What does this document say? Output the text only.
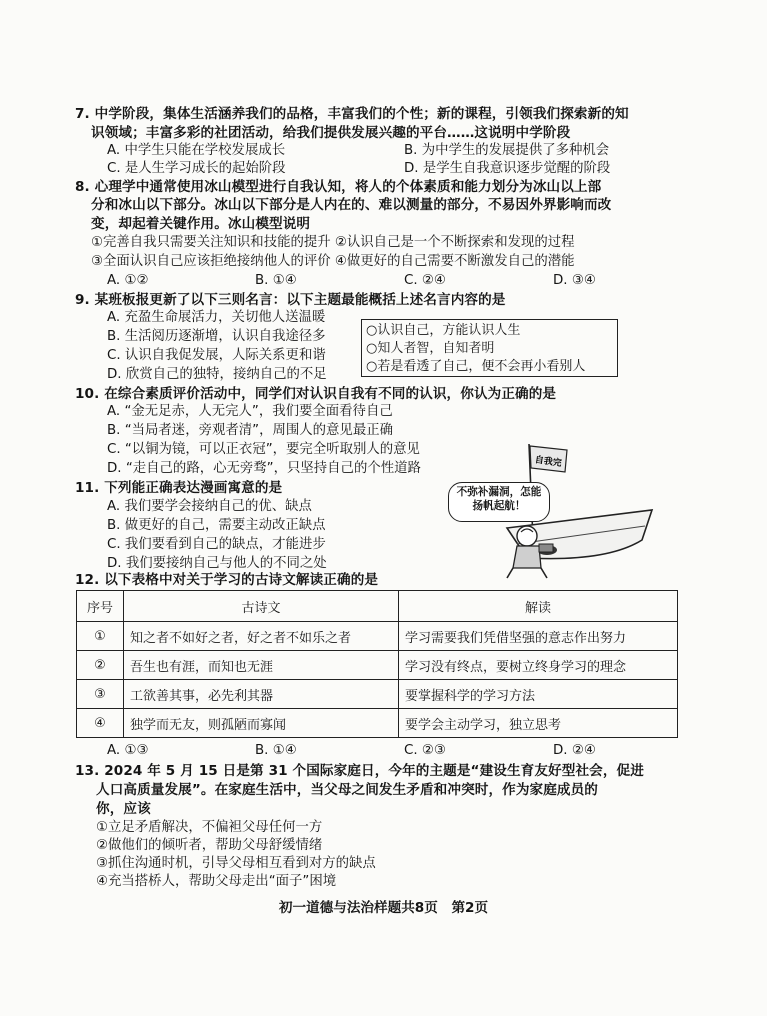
7. 中学阶段，集体生活涵养我们的品格，丰富我们的个性；新的课程，引领我们探索新的知
识领域；丰富多彩的社团活动，给我们提供发展兴趣的平台……这说明中学阶段
A. 中学生只能在学校发展成长	B. 为中学生的发展提供了多种机会
C. 是人生学习成长的起始阶段	D. 是学生自我意识逐步觉醒的阶段
8. 心理学中通常使用冰山模型进行自我认知，将人的个体素质和能力划分为冰山以上部
分和冰山以下部分。冰山以下部分是人内在的、难以测量的部分，不易因外界影响而改
变，却起着关键作用。冰山模型说明
①完善自我只需要关注知识和技能的提升 ②认识自己是一个不断探索和发现的过程
③全面认识自己应该拒绝接纳他人的评价 ④做更好的自己需要不断激发自己的潜能
A. ①②	B. ①④	C. ②④	D. ③④
9. 某班板报更新了以下三则名言：以下主题最能概括上述名言内容的是
A. 充盈生命展活力，关切他人送温暖
B. 生活阅历逐渐增，认识自我途径多
C. 认识自我促发展，人际关系更和谐
D. 欣赏自己的独特，接纳自己的不足
○认识自己，方能认识人生
○知人者智，自知者明
○若是看透了自己，便不会再小看别人
10. 在综合素质评价活动中，同学们对认识自我有不同的认识，你认为正确的是
A. “金无足赤，人无完人”，我们要全面看待自己
B. “当局者迷，旁观者清”，周围人的意见最正确
C. “以铜为镜，可以正衣冠”，要完全听取别人的意见
D. “走自己的路，心无旁骛”，只坚持自己的个性道路
11. 下列能正确表达漫画寓意的是
A. 我们要学会接纳自己的优、缺点
B. 做更好的自己，需要主动改正缺点
C. 我们要看到自己的缺点，才能进步
D. 我们要接纳自己与他人的不同之处
自我完
不弥补漏洞，怎能
扬帆起航！
12. 以下表格中对关于学习的古诗文解读正确的是
序号	古诗文	解读
①	知之者不如好之者，好之者不如乐之者	学习需要我们凭借坚强的意志作出努力
②	吾生也有涯，而知也无涯	学习没有终点，要树立终身学习的理念
③	工欲善其事，必先利其器	要掌握科学的学习方法
④	独学而无友，则孤陋而寡闻	要学会主动学习，独立思考
A. ①③	B. ①④	C. ②③	D. ②④
13. 2024 年 5 月 15 日是第 31 个国际家庭日，今年的主题是“建设生育友好型社会，促进
人口高质量发展”。在家庭生活中，当父母之间发生矛盾和冲突时，作为家庭成员的
你，应该
①立足矛盾解决，不偏袒父母任何一方
②做他们的倾听者，帮助父母舒缓情绪
③抓住沟通时机，引导父母相互看到对方的缺点
④充当搭桥人，帮助父母走出“面子”困境
初一道德与法治样题共8页　第2页
